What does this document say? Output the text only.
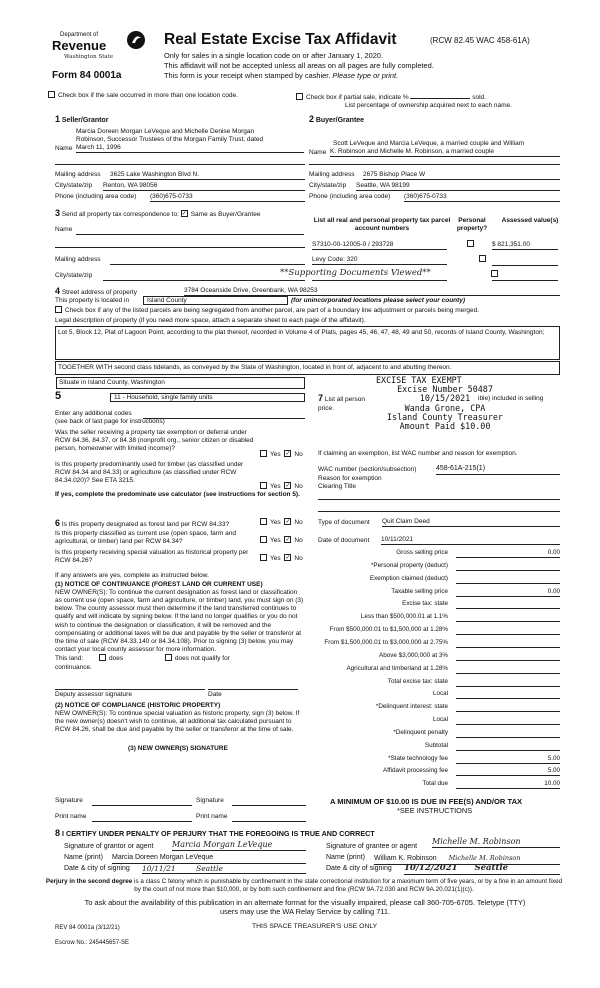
Department of
Revenue
Washington State
Form 84 0001a
Real Estate Excise Tax Affidavit	(RCW 82.45 WAC 458-61A)
Only for sales in a single location code on or after January 1, 2020.
This affidavit will not be accepted unless all areas on all pages are fully completed.
This form is your receipt when stamped by cashier. Please type or print.
Check box if the sale occurred in more than one location code.	Check box if partial sale, indicate %	sold.
List percentage of ownership acquired next to each name.
1 Seller/Grantor
Marcia Doreen Morgan LeVeque and Michelle Denise Morgan
Robinson, Successor Trustees of the Morgan Family Trust, dated
Name March 11, 1996
Mailing address 3625 Lake Washington Blvd N.
City/state/zip Renton, WA 98056
Phone (including area code) (360)675-0733
2 Buyer/Grantee
Scott LeVeque and Marcia LeVeque, a married couple and William
Name K. Robinson and Michelle M. Robinson, a married couple
Mailing address 2675 Bishop Place W
City/state/zip Seattle, WA 98199
Phone (including area code) (360)675-0733
3 Send all property tax correspondence to: ✓ Same as Buyer/Grantee
Name
Mailing address
City/state/zip
List all real and personal property tax parcel account numbers
Personal property?
Assessed value(s)
S7310-00-12005-0 / 293728
	$ 821,351.00
Levy Code: 320

**Supporting Documents Viewed**
4 Street address of property	3784 Oceanside Drive, Greenbank, WA 98253
This property is located in	Island County	(for unincorporated locations please select your county)
Check box if any of the listed parcels are being segregated from another parcel, are part of a boundary line adjustment or parcels being merged.
Legal description of property (if you need more space, attach a separate sheet to each page of the affidavit).
Lot 5, Block 12, Plat of Lagoon Point, according to the plat thereof, recorded in Volume 4 of Plats, pages 45, 46, 47, 48, 49 and 50, records of Island County, Washington;
TOGETHER WITH second class tidelands, as conveyed by the State of Washington, located in front of, adjacent to and abutting thereon.
Situate in Island County, Washington	EXCISE TAX EXEMPT
Excise Number 50487
10/15/2021
Wanda Grone, CPA
Island County Treasurer
Amount Paid $10.00
5	11 - Household, single family units
Enter any additional codes
(see back of last page for instructions)
Was the seller receiving a property tax exemption or deferral under RCW 84.36, 84.37, or 84.38 (nonprofit org., senior citizen or disabled person, homeowner with limited income)?
Yes ✓ No
Is this property predominantly used for timber (as classified under RCW 84.34 and 84.33) or agriculture (as classified under RCW 84.34.020)? See ETA 3215.
Yes ✓ No
If yes, complete the predominate use calculator (see instructions for section 5).
7 List all person	ible) included in selling
price.
If claiming an exemption, list WAC number and reason for exemption.
WAC number (section/subsection)	458-61A-215(1)
Reason for exemption
Clearing Title
6 Is this property designated as forest land per RCW 84.33?	Yes ✓ No
Is this property classified as current use (open space, farm and agricultural, or timber) land per RCW 84.34?	Yes ✓ No
Is this property receiving special valuation as historical property per RCW 84.26?	Yes ✓ No
If any answers are yes, complete as instructed below.
(1) NOTICE OF CONTINUANCE (FOREST LAND OR CURRENT USE)
NEW OWNER(S): To continue the current designation as forest land or classification as current use (open space, farm and agriculture, or timber) land, you must sign on (3) below. The county assessor must then determine if the land transferred continues to qualify and will indicate by signing below. If the land no longer qualifies or you do not wish to continue the designation or classification, it will be removed and the compensating or additional taxes will be due and payable by the seller or transferor at the time of sale (RCW 84.33.140 or 84.34.108). Prior to signing (3) below, you may contact your local county assessor for more information.
This land:	does	does not qualify for
continuance.
Deputy assessor signature	Date
(2) NOTICE OF COMPLIANCE (HISTORIC PROPERTY)
NEW OWNER(S): To continue special valuation as historic property, sign (3) below. If the new owner(s) doesn't wish to continue, all additional tax calculated pursuant to RCW 84.26, shall be due and payable by the seller or transferor at the time of sale.
(3) NEW OWNER(S) SIGNATURE
Signature	Signature
Print name	Print name
Type of document Quit Claim Deed
Date of document 10/11/2021
Gross selling price	0.00
*Personal property (deduct)
Exemption claimed (deduct)
Taxable selling price	0.00
Excise tax: state
Less than $500,000.01 at 1.1%
From $500,000.01 to $1,500,000 at 1.28%
From $1,500,000.01 to $3,000,000 at 2.75%
Above $3,000,000 at 3%
Agricultural and timberland at 1.28%
Total excise tax: state
Local
*Delinquent interest: state
Local
*Delinquent penalty
Subtotal
*State technology fee	5.00
Affidavit processing fee	5.00
Total due	10.00
A MINIMUM OF $10.00 IS DUE IN FEE(S) AND/OR TAX
*SEE INSTRUCTIONS
8 I CERTIFY UNDER PENALTY OF PERJURY THAT THE FOREGOING IS TRUE AND CORRECT
Signature of grantor or agent Marcia Morgan LeVeque
Name (print) Marcia Doreen Morgan LeVeque
Date & city of signing 10/11/21	Seattle
Signature of grantee or agent
Michelle M. Robinson
Name (print) William K. Robinson Michelle M. Robinson
Date & city of signing 10/12/2021 Seattle
Perjury in the second degree is a class C felony which is punishable by confinement in the state correctional institution for a maximum term of five years, or by a fine in an amount fixed by the court of not more than $10,000, or by both such confinement and fine (RCW 9A.72.030 and RCW 9A.20.021(1)(c)).
To ask about the availability of this publication in an alternate format for the visually impaired, please call 360-705-6705. Teletype (TTY) users may use the WA Relay Service by calling 711.
REV 84 0001a (3/12/21)	THIS SPACE TREASURER'S USE ONLY
Escrow No.: 245445657-SE
